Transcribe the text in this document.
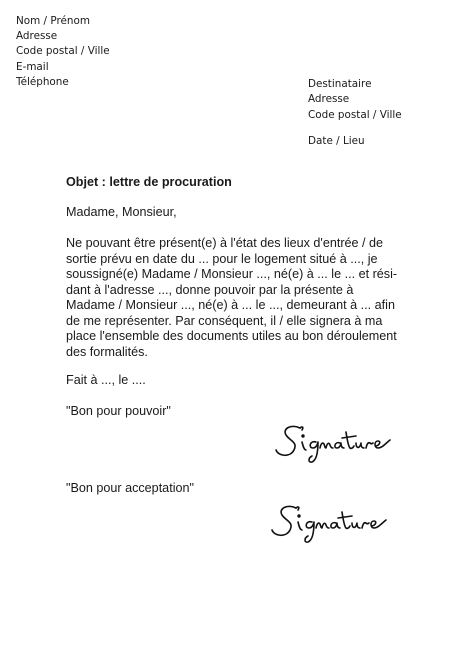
Nom / Prénom
Adresse
Code postal / Ville
E-mail
Téléphone	Destinataire
Adresse
Code postal / Ville
Date / Lieu
Objet : lettre de procuration
Madame, Monsieur,
Ne pouvant être présent(e) à l'état des lieux d'entrée / de
sortie prévu en date du ... pour le logement situé à ..., je
soussigné(e) Madame / Monsieur ..., né(e) à ... le ... et rési-
dant à l'adresse ..., donne pouvoir par la présente à
Madame / Monsieur ..., né(e) à ... le ..., demeurant à ... afin
de me représenter. Par conséquent, il / elle signera à ma
place l'ensemble des documents utiles au bon déroulement
des formalités.
Fait à ..., le ....
"Bon pour pouvoir"
"Bon pour acceptation"
